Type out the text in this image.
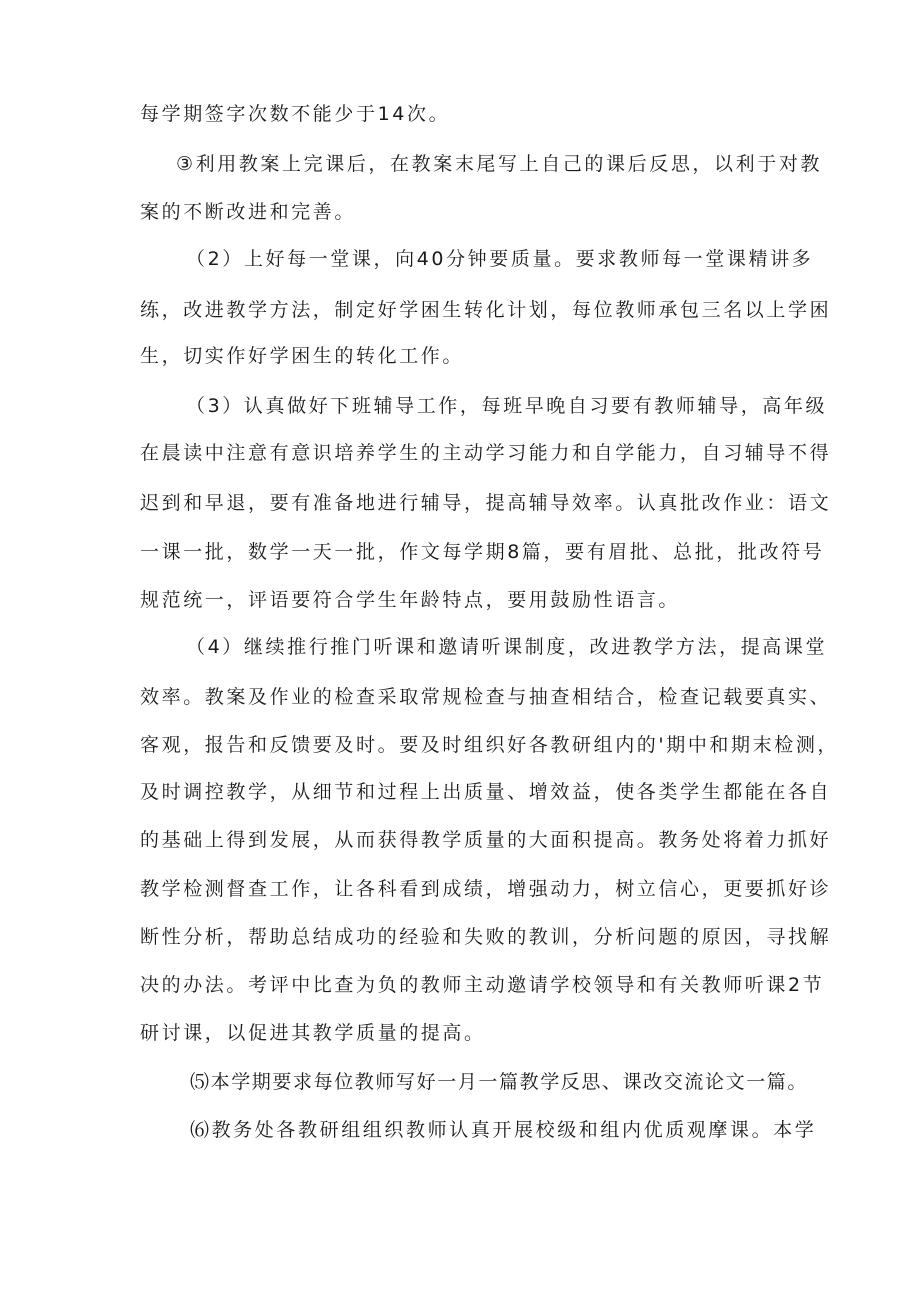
每学期签字次数不能少于14次。
③利用教案上完课后，在教案末尾写上自己的课后反思，以利于对教
案的不断改进和完善。
（2）上好每一堂课，向40分钟要质量。要求教师每一堂课精讲多
练，改进教学方法，制定好学困生转化计划，每位教师承包三名以上学困
生，切实作好学困生的转化工作。
（3）认真做好下班辅导工作，每班早晚自习要有教师辅导，高年级
在晨读中注意有意识培养学生的主动学习能力和自学能力，自习辅导不得
迟到和早退，要有准备地进行辅导，提高辅导效率。认真批改作业：语文
一课一批，数学一天一批，作文每学期8篇，要有眉批、总批，批改符号
规范统一，评语要符合学生年龄特点，要用鼓励性语言。
（4）继续推行推门听课和邀请听课制度，改进教学方法，提高课堂
效率。教案及作业的检查采取常规检查与抽查相结合，检查记载要真实、
客观，报告和反馈要及时。要及时组织好各教研组内的'期中和期末检测，
及时调控教学，从细节和过程上出质量、增效益，使各类学生都能在各自
的基础上得到发展，从而获得教学质量的大面积提高。教务处将着力抓好
教学检测督查工作，让各科看到成绩，增强动力，树立信心，更要抓好诊
断性分析，帮助总结成功的经验和失败的教训，分析问题的原因，寻找解
决的办法。考评中比查为负的教师主动邀请学校领导和有关教师听课2节
研讨课，以促进其教学质量的提高。
⑸本学期要求每位教师写好一月一篇教学反思、课改交流论文一篇。
⑹教务处各教研组组织教师认真开展校级和组内优质观摩课。本学
